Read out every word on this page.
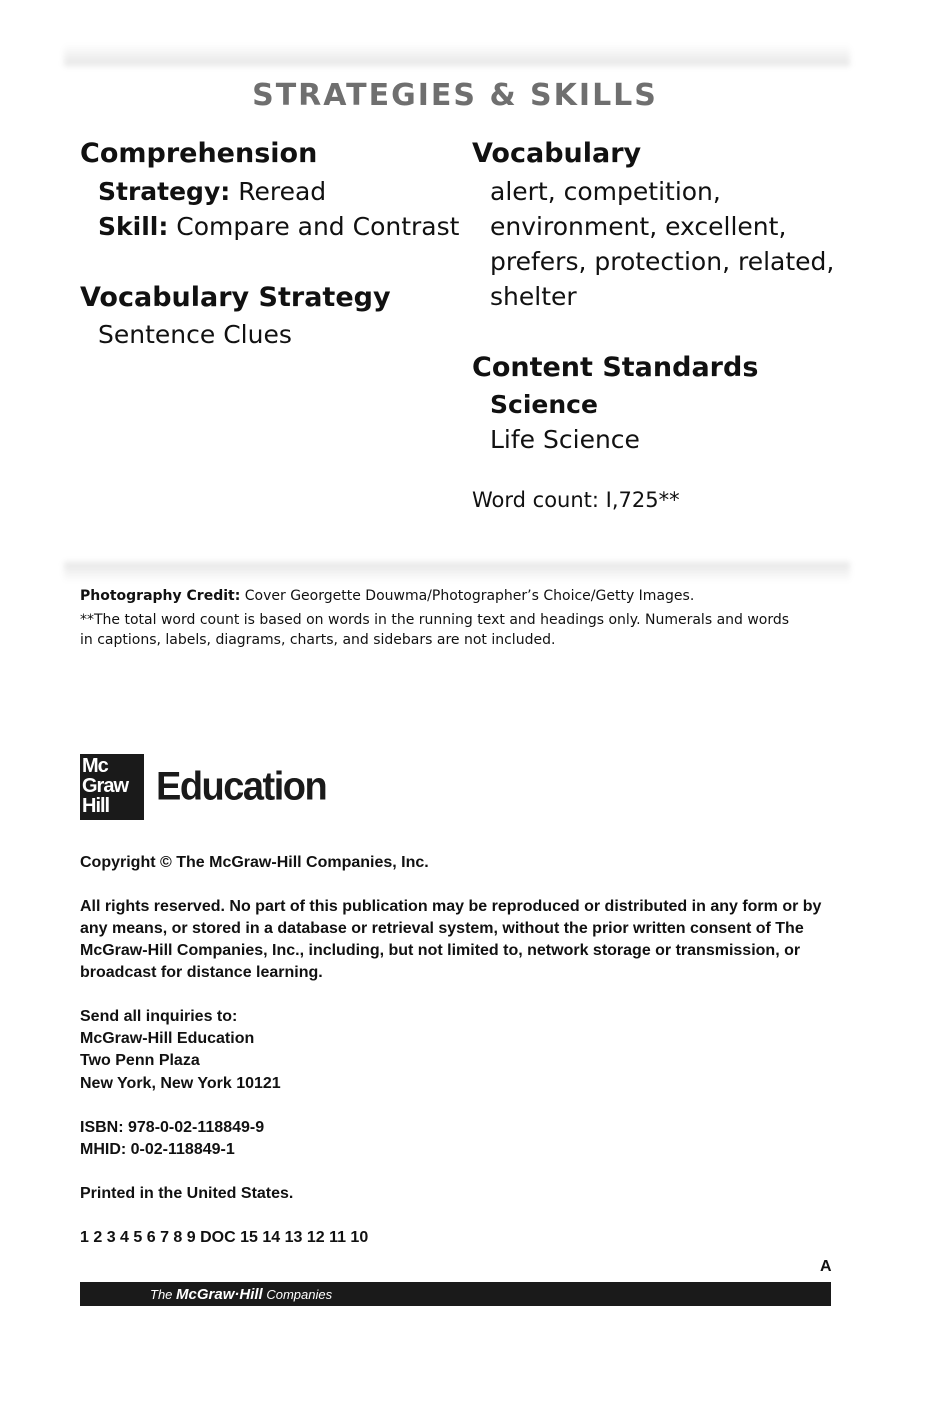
STRATEGIES & SKILLS
Comprehension
Strategy: Reread
Skill: Compare and Contrast
Vocabulary Strategy
Sentence Clues
Vocabulary
alert, competition,
environment, excellent,
prefers, protection, related,
shelter
Content Standards
Science
Life Science
Word count: I,725**
Photography Credit: Cover Georgette Douwma/Photographer’s Choice/Getty Images.
**The total word count is based on words in the running text and headings only. Numerals and words
in captions, labels, diagrams, charts, and sidebars are not included.
Mc
Graw
Hill	Education
Copyright © The McGraw-Hill Companies, Inc.
All rights reserved. No part of this publication may be reproduced or distributed in any form or by
any means, or stored in a database or retrieval system, without the prior written consent of The
McGraw-Hill Companies, Inc., including, but not limited to, network storage or transmission, or
broadcast for distance learning.
Send all inquiries to:
McGraw-Hill Education
Two Penn Plaza
New York, New York 10121
ISBN: 978-0-02-118849-9
MHID: 0-02-118849-1
Printed in the United States.
1 2 3 4 5 6 7 8 9 DOC 15 14 13 12 11 10
A
The McGraw·Hill Companies
